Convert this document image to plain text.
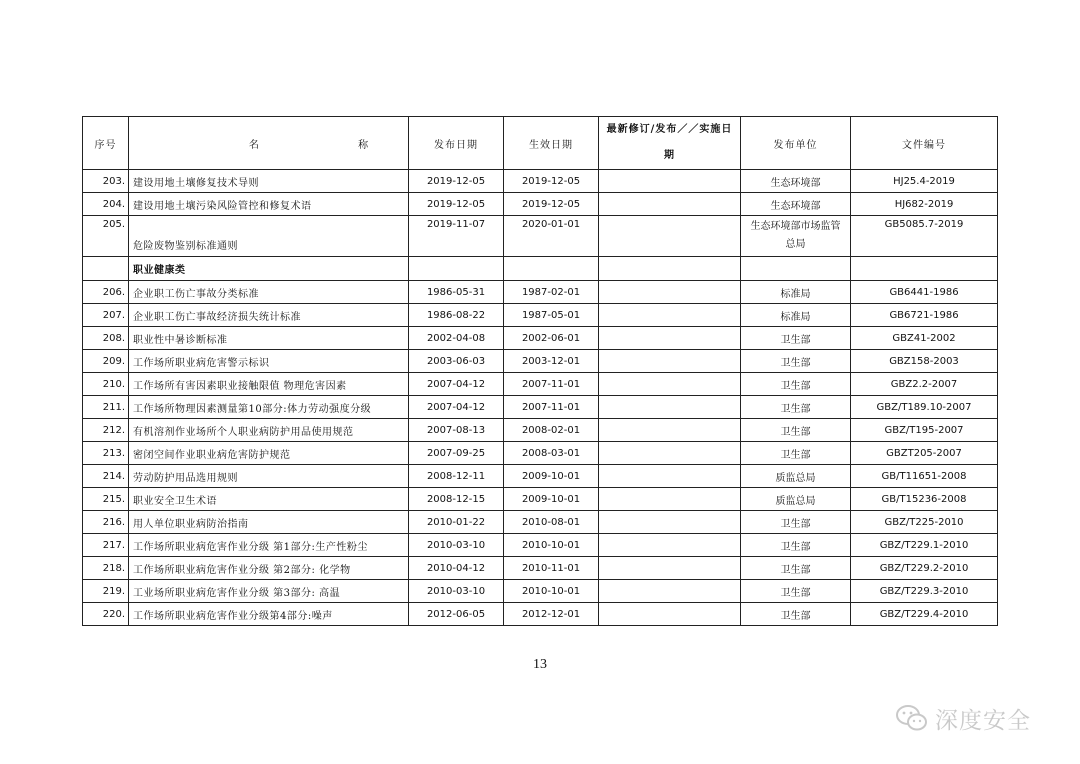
序号	名 称	发布日期	生效日期	最新修订/发布／／实施日期	发布单位	文件编号
203.	建设用地土壤修复技术导则	2019-12-05	2019-12-05		生态环境部	HJ25.4-2019
204.	建设用地土壤污染风险管控和修复术语	2019-12-05	2019-12-05		生态环境部	HJ682-2019
205.	危险废物鉴别标准通则	2019-11-07	2020-01-01		生态环境部市场监管总局	GB5085.7-2019
	职业健康类					
206.	企业职工伤亡事故分类标准	1986-05-31	1987-02-01		标准局	GB6441-1986
207.	企业职工伤亡事故经济损失统计标准	1986-08-22	1987-05-01		标准局	GB6721-1986
208.	职业性中暑诊断标准	2002-04-08	2002-06-01		卫生部	GBZ41-2002
209.	工作场所职业病危害警示标识	2003-06-03	2003-12-01		卫生部	GBZ158-2003
210.	工作场所有害因素职业接触限值 物理危害因素	2007-04-12	2007-11-01		卫生部	GBZ2.2-2007
211.	工作场所物理因素测量第10部分:体力劳动强度分级	2007-04-12	2007-11-01		卫生部	GBZ/T189.10-2007
212.	有机溶剂作业场所个人职业病防护用品使用规范	2007-08-13	2008-02-01		卫生部	GBZ/T195-2007
213.	密闭空间作业职业病危害防护规范	2007-09-25	2008-03-01		卫生部	GBZT205-2007
214.	劳动防护用品选用规则	2008-12-11	2009-10-01		质监总局	GB/T11651-2008
215.	职业安全卫生术语	2008-12-15	2009-10-01		质监总局	GB/T15236-2008
216.	用人单位职业病防治指南	2010-01-22	2010-08-01		卫生部	GBZ/T225-2010
217.	工作场所职业病危害作业分级 第1部分:生产性粉尘	2010-03-10	2010-10-01		卫生部	GBZ/T229.1-2010
218.	工作场所职业病危害作业分级 第2部分: 化学物	2010-04-12	2010-11-01		卫生部	GBZ/T229.2-2010
219.	工业场所职业病危害作业分级 第3部分: 高温	2010-03-10	2010-10-01		卫生部	GBZ/T229.3-2010
220.	工作场所职业病危害作业分级第4部分:噪声	2012-06-05	2012-12-01		卫生部	GBZ/T229.4-2010
13
深度安全
